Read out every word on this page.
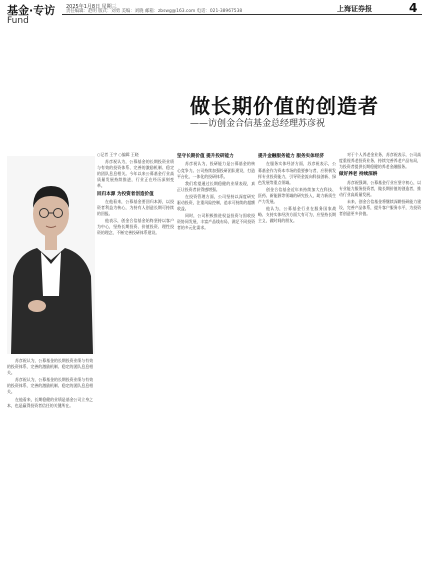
基金·专访
Fund
2025年1月8日 星期三
责任编辑：赵明 版式：刘勇 美编：刘晓 邮箱：zbswg@163.com 电话：021-38967538	上海证券报	4
做长期价值的创造者
——访创金合信基金总经理苏彦祝

苏彦祝认为，公募基金的长期投资业绩与有效的投资体系、完善的激励机制、稳定的团队息息相关。

苏彦祝认为，公募基金的长期投资业绩与有效的投资体系、完善的激励机制、稳定的团队息息相关。

在他看来，长期稳健的业绩是基金公司立身之本，也是赢得投资者信任的关键所在。

○记者 王宇 ○编辑 王晓

苏彦祝认为，公募基金的长期投资业绩与有效的投资体系、完善的激励机制、稳定的团队息息相关。今年以来公募基金行业高质量发展持续推进，行业正在经历深刻变革。

回归本源 为投资者创造价值

在他看来，公募基金要回归本源，以投资者利益为核心，为持有人创造长期可持续的回报。

他表示，创金合信基金始终坚持以客户为中心，坚持长期投资、价值投资、理性投资的理念，不断完善投研体系建设。

坚守长期价值 提升投研能力

苏彦祝认为，投研能力是公募基金的核心竞争力。公司持续加强投研团队建设，打造平台化、一体化的投研体系。

我们希望通过长期稳健的业绩表现，真正让投资者获得感增强。

在投资管理方面，公司坚持以深度研究驱动投资，注重风险控制，追求可持续的超额收益。

同时，公司积极推进权益投资与固收投资协同发展，丰富产品线布局，满足不同投资者的多元化需求。

提升金融服务能力 服务实体经济

在服务实体经济方面，苏彦祝表示，公募基金作为资本市场的重要参与者，应积极发挥专业投资能力，引导资金流向科技创新、绿色发展等重点领域。

创金合信基金近年来持续加大在科技、医药、新能源等领域的研究投入，助力新质生产力发展。

他认为，公募基金行业在服务国家战略、支持实体经济方面大有可为，应坚持长期主义，做时间的朋友。

对于个人养老金业务，苏彦祝表示，公司高度重视养老投资业务，持续完善养老产品布局，为投资者提供长期稳健的养老金融服务。

做好养老 持续深耕

苏彦祝强调，公募基金行业应坚守初心，以专业能力服务投资者，做长期价值的创造者，推动行业高质量发展。

未来，创金合信基金将继续深耕投研能力建设，完善产品体系，提升客户服务水平，为投资者创造更多价值。
